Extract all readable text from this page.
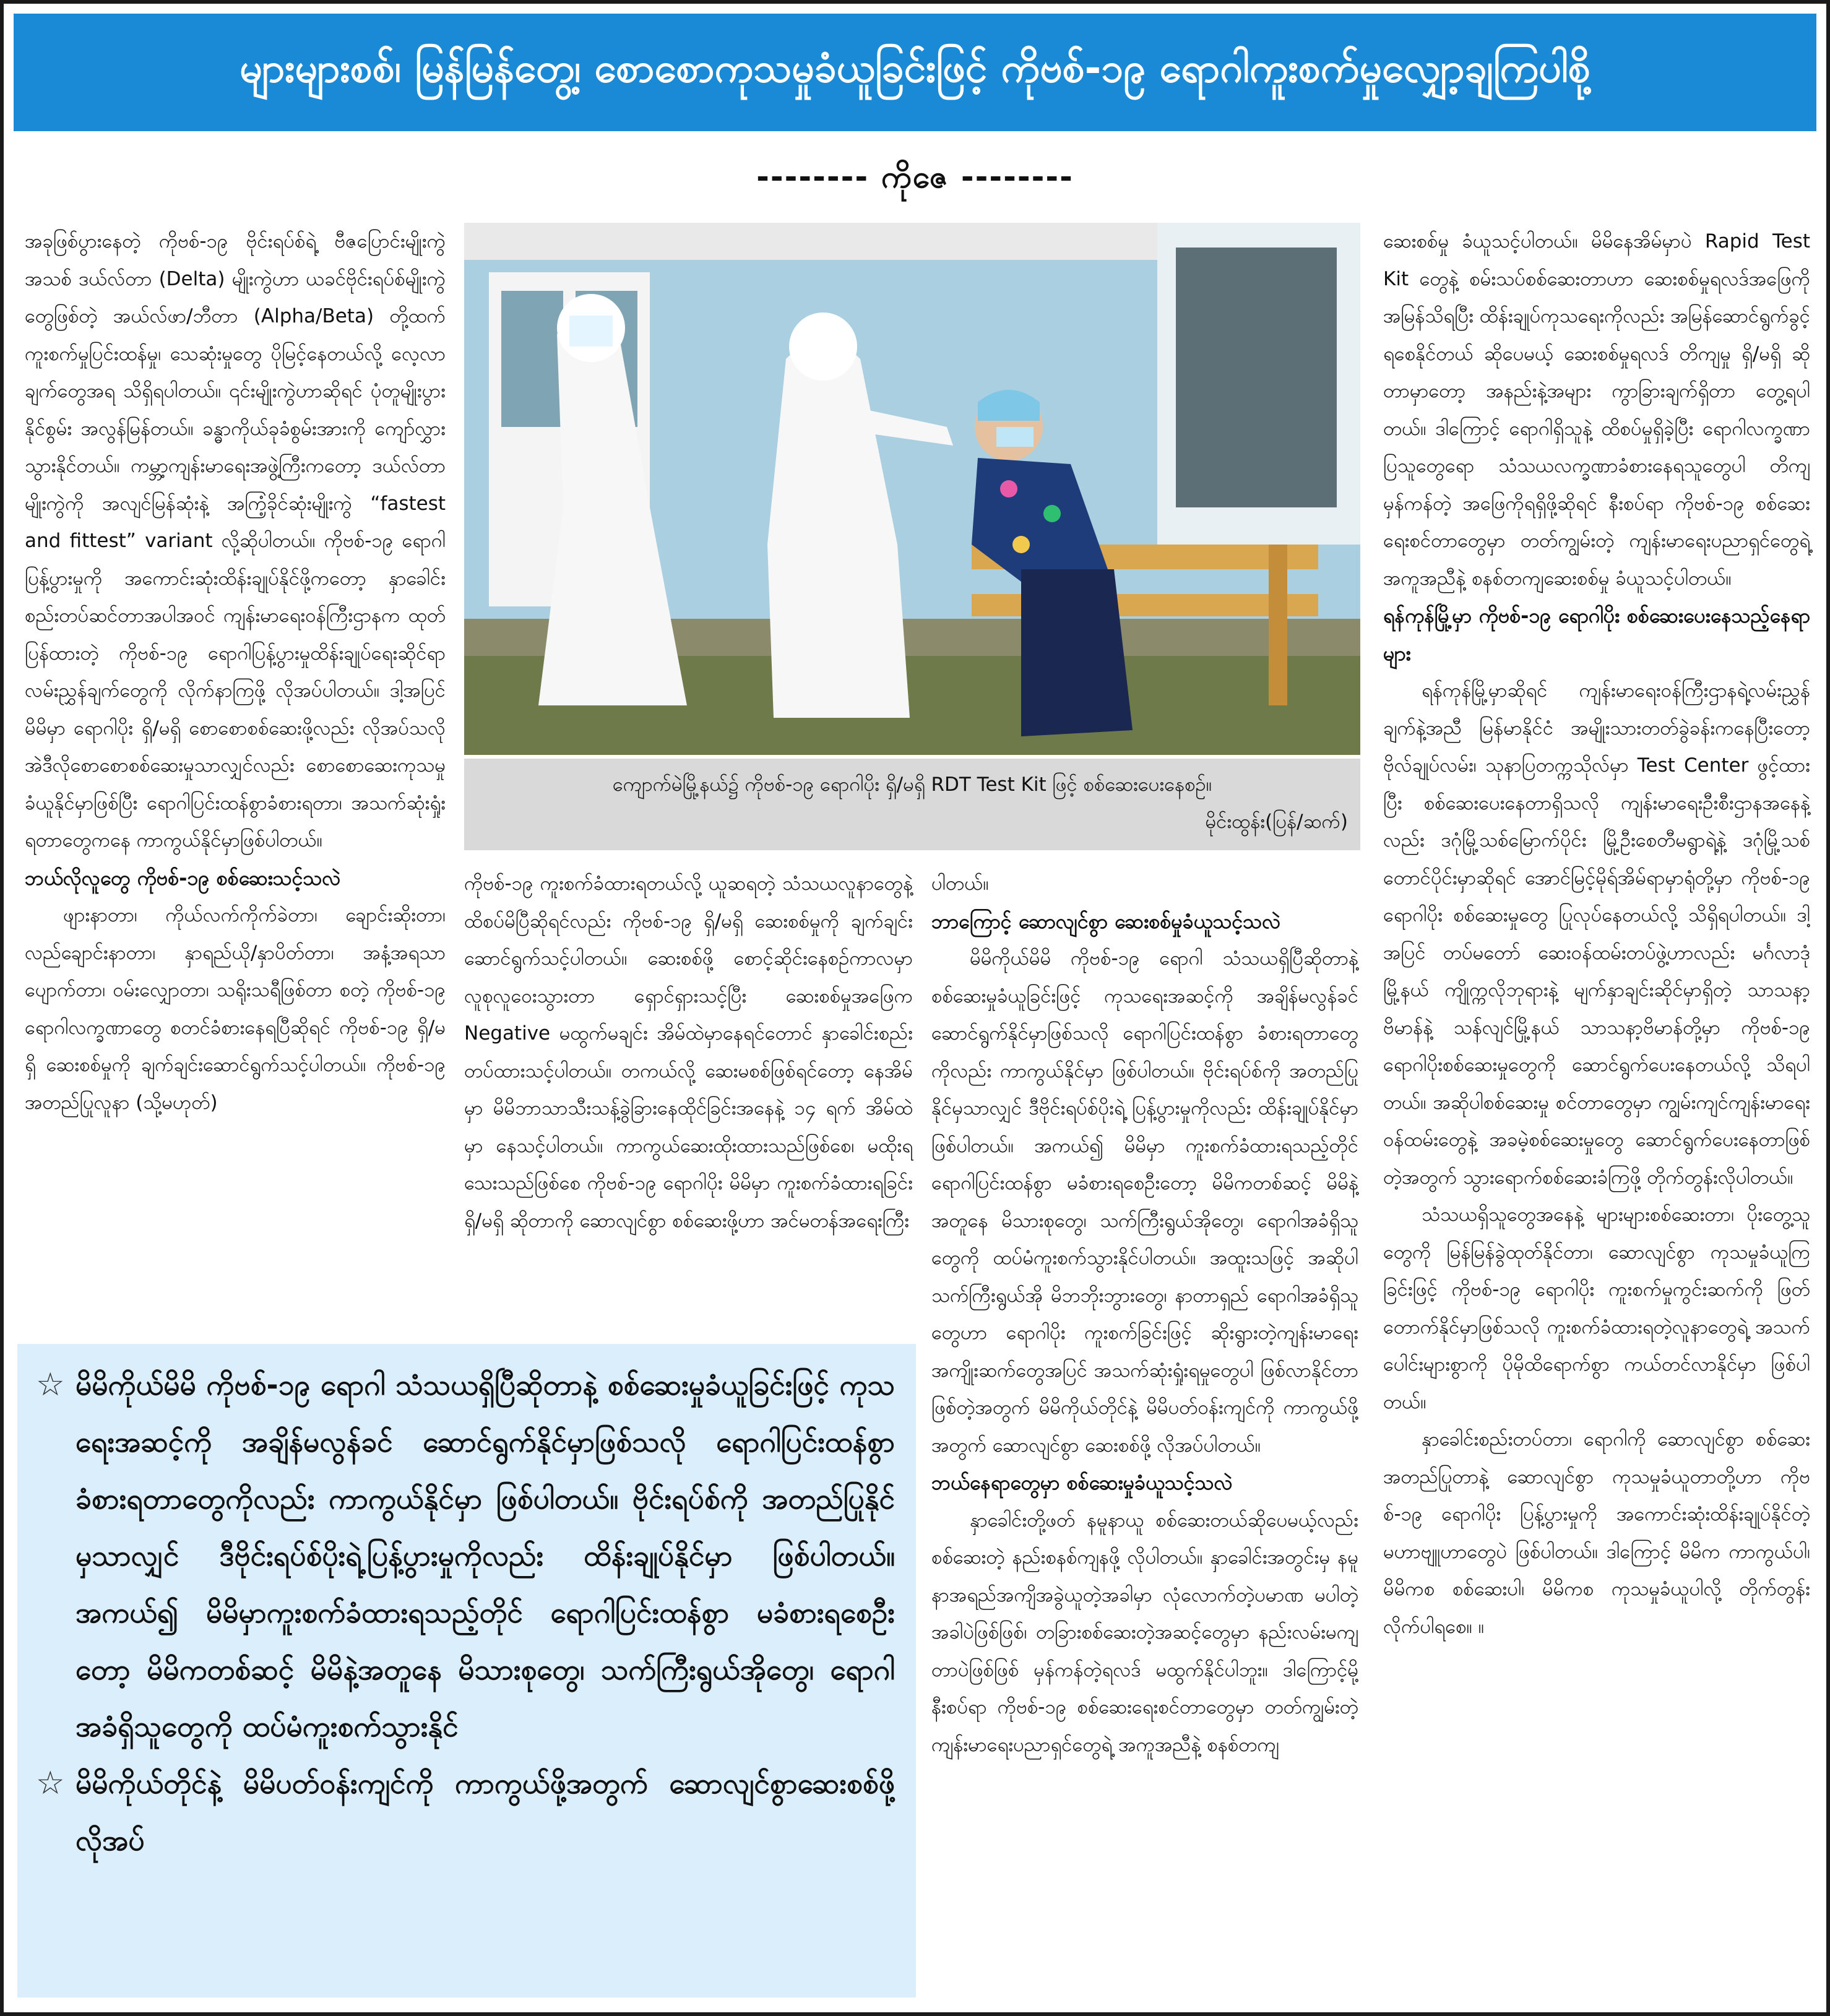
များများစစ်၊ မြန်မြန်တွေ့၊ စောစောကုသမှုခံယူခြင်းဖြင့် ကိုဗစ်-၁၉ ရောဂါကူးစက်မှုလျှော့ချကြပါစို့
-------- ကိုဇေ --------

အခုဖြစ်ပွားနေတဲ့ ကိုဗစ်-၁၉ ဗိုင်းရပ်စ်ရဲ့ ဗီဇပြောင်းမျိုးကွဲအသစ် ဒယ်လ်တာ (Delta) မျိုးကွဲဟာ ယခင်ဗိုင်းရပ်စ်မျိုးကွဲတွေဖြစ်တဲ့ အယ်လ်ဖာ/ဘီတာ (Alpha/Beta) တို့ထက် ကူးစက်မှုပြင်းထန်မှု၊ သေဆုံးမှုတွေ ပိုမြင့်နေတယ်လို့ လေ့လာချက်တွေအရ သိရှိရပါတယ်။ ၎င်းမျိုးကွဲဟာဆိုရင် ပုံတူမျိုးပွားနိုင်စွမ်း အလွန်မြန်တယ်။ ခန္ဓာကိုယ်ခုခံစွမ်းအားကို ကျော်လွှားသွားနိုင်တယ်။ ကမ္ဘာ့ကျန်းမာရေးအဖွဲ့ကြီးကတော့ ဒယ်လ်တာမျိုးကွဲကို အလျင်မြန်ဆုံးနဲ့ အကြံ့ခိုင်ဆုံးမျိုးကွဲ “fastest and fittest” variant လို့ဆိုပါတယ်။ ကိုဗစ်-၁၉ ရောဂါပြန့်ပွားမှုကို အကောင်းဆုံးထိန်းချုပ်နိုင်ဖို့ကတော့ နှာခေါင်းစည်းတပ်ဆင်တာအပါအဝင် ကျန်းမာရေးဝန်ကြီးဌာနက ထုတ်ပြန်ထားတဲ့ ကိုဗစ်-၁၉ ရောဂါပြန့်ပွားမှုထိန်းချုပ်ရေးဆိုင်ရာ လမ်းညွှန်ချက်တွေကို လိုက်နာကြဖို့ လိုအပ်ပါတယ်။ ဒါ့အပြင် မိမိမှာ ရောဂါပိုး ရှိ/မရှိ စောစောစစ်ဆေးဖို့လည်း လိုအပ်သလို အဲဒီလိုစောစောစစ်ဆေးမှုသာလျှင်လည်း စောစောဆေးကုသမှုခံယူနိုင်မှာဖြစ်ပြီး ရောဂါပြင်းထန်စွာခံစားရတာ၊ အသက်ဆုံးရှုံးရတာတွေကနေ ကာကွယ်နိုင်မှာဖြစ်ပါတယ်။

ဘယ်လိုလူတွေ ကိုဗစ်-၁၉ စစ်ဆေးသင့်သလဲ

ဖျားနာတာ၊ ကိုယ်လက်ကိုက်ခဲတာ၊ ချောင်းဆိုးတာ၊ လည်ချောင်းနာတာ၊ နှာရည်ယို/နှာပိတ်တာ၊ အနံ့အရသာပျောက်တာ၊ ဝမ်းလျှောတာ၊ သရိုးသရီဖြစ်တာ စတဲ့ ကိုဗစ်-၁၉ ရောဂါလက္ခဏာတွေ စတင်ခံစားနေရပြီဆိုရင် ကိုဗစ်-၁၉ ရှိ/မရှိ ဆေးစစ်မှုကို ချက်ချင်းဆောင်ရွက်သင့်ပါတယ်။ ကိုဗစ်-၁၉ အတည်ပြုလူနာ (သို့မဟုတ်)

ကျောက်မဲမြို့နယ်၌ ကိုဗစ်-၁၉ ရောဂါပိုး ရှိ/မရှိ RDT Test Kit ဖြင့် စစ်ဆေးပေးနေစဉ်။
မိုင်းထွန်း(ပြန်/ဆက်)

ကိုဗစ်-၁၉ ကူးစက်ခံထားရတယ်လို့ ယူဆရတဲ့ သံသယလူနာတွေနဲ့ ထိစပ်မိပြီဆိုရင်လည်း ကိုဗစ်-၁၉ ရှိ/မရှိ ဆေးစစ်မှုကို ချက်ချင်းဆောင်ရွက်သင့်ပါတယ်။ ဆေးစစ်ဖို့ စောင့်ဆိုင်းနေစဉ်ကာလမှာ လူစုလူဝေးသွားတာ ရှောင်ရှားသင့်ပြီး ဆေးစစ်မှုအဖြေက Negative မထွက်မချင်း အိမ်ထဲမှာနေရင်တောင် နှာခေါင်းစည်း တပ်ထားသင့်ပါတယ်။ တကယ်လို့ ဆေးမစစ်ဖြစ်ရင်တော့ နေအိမ်မှာ မိမိဘာသာသီးသန့်ခွဲခြားနေထိုင်ခြင်းအနေနဲ့ ၁၄ ရက် အိမ်ထဲမှာ နေသင့်ပါတယ်။ ကာကွယ်ဆေးထိုးထားသည်ဖြစ်စေ၊ မထိုးရသေးသည်ဖြစ်စေ ကိုဗစ်-၁၉ ရောဂါပိုး မိမိမှာ ကူးစက်ခံထားရခြင်း ရှိ/မရှိ ဆိုတာကို ဆောလျင်စွာ စစ်ဆေးဖို့ဟာ အင်မတန်အရေးကြီး

ပါတယ်။

ဘာကြောင့် ဆောလျင်စွာ ဆေးစစ်မှုခံယူသင့်သလဲ

မိမိကိုယ်မိမိ ကိုဗစ်-၁၉ ရောဂါ သံသယရှိပြီဆိုတာနဲ့ စစ်ဆေးမှုခံယူခြင်းဖြင့် ကုသရေးအဆင့်ကို အချိန်မလွန်ခင် ဆောင်ရွက်နိုင်မှာဖြစ်သလို ရောဂါပြင်းထန်စွာ ခံစားရတာတွေကိုလည်း ကာကွယ်နိုင်မှာ ဖြစ်ပါတယ်။ ဗိုင်းရပ်စ်ကို အတည်ပြုနိုင်မှသာလျှင် ဒီဗိုင်းရပ်စ်ပိုးရဲ့ ပြန့်ပွားမှုကိုလည်း ထိန်းချုပ်နိုင်မှာ ဖြစ်ပါတယ်။ အကယ်၍ မိမိမှာ ကူးစက်ခံထားရသည့်တိုင် ရောဂါပြင်းထန်စွာ မခံစားရစေဦးတော့ မိမိကတစ်ဆင့် မိမိနဲ့အတူနေ မိသားစုတွေ၊ သက်ကြီးရွယ်အိုတွေ၊ ရောဂါအခံရှိသူတွေကို ထပ်မံကူးစက်သွားနိုင်ပါတယ်။ အထူးသဖြင့် အဆိုပါ သက်ကြီးရွယ်အို မိဘဘိုးဘွားတွေ၊ နာတာရှည် ရောဂါအခံရှိသူတွေဟာ ရောဂါပိုး ကူးစက်ခြင်းဖြင့် ဆိုးရွားတဲ့ကျန်းမာရေးအကျိုးဆက်တွေအပြင် အသက်ဆုံးရှုံးရမှုတွေပါ ဖြစ်လာနိုင်တာဖြစ်တဲ့အတွက် မိမိကိုယ်တိုင်နဲ့ မိမိပတ်ဝန်းကျင်ကို ကာကွယ်ဖို့အတွက် ဆောလျင်စွာ ဆေးစစ်ဖို့ လိုအပ်ပါတယ်။

ဘယ်နေရာတွေမှာ စစ်ဆေးမှုခံယူသင့်သလဲ

နှာခေါင်းတို့ဖတ် နမူနာယူ စစ်ဆေးတယ်ဆိုပေမယ့်လည်း စစ်ဆေးတဲ့ နည်းစနစ်ကျနဖို့ လိုပါတယ်။ နှာခေါင်းအတွင်းမှ နမူနာအရည်အကျိအခွဲယူတဲ့အခါမှာ လုံလောက်တဲ့ပမာဏ မပါတဲ့အခါပဲဖြစ်ဖြစ်၊ တခြားစစ်ဆေးတဲ့အဆင့်တွေမှာ နည်းလမ်းမကျတာပဲဖြစ်ဖြစ် မှန်ကန်တဲ့ရလဒ် မထွက်နိုင်ပါဘူး။ ဒါကြောင့်မို့ နီးစပ်ရာ ကိုဗစ်-၁၉ စစ်ဆေးရေးစင်တာတွေမှာ တတ်ကျွမ်းတဲ့ ကျန်းမာရေးပညာရှင်တွေရဲ့ အကူအညီနဲ့ စနစ်တကျ

ဆေးစစ်မှု ခံယူသင့်ပါတယ်။ မိမိနေအိမ်မှာပဲ Rapid Test Kit တွေနဲ့ စမ်းသပ်စစ်ဆေးတာဟာ ဆေးစစ်မှုရလဒ်အဖြေကို အမြန်သိရပြီး ထိန်းချုပ်ကုသရေးကိုလည်း အမြန်ဆောင်ရွက်ခွင့်ရစေနိုင်တယ် ဆိုပေမယ့် ဆေးစစ်မှုရလဒ် တိကျမှု ရှိ/မရှိ ဆိုတာမှာတော့ အနည်းနဲ့အများ ကွာခြားချက်ရှိတာ တွေ့ရပါတယ်။ ဒါကြောင့် ရောဂါရှိသူနဲ့ ထိစပ်မှုရှိခဲ့ပြီး ရောဂါလက္ခဏာပြသူတွေရော သံသယလက္ခဏာခံစားနေရသူတွေပါ တိကျမှန်ကန်တဲ့ အဖြေကိုရရှိဖို့ဆိုရင် နီးစပ်ရာ ကိုဗစ်-၁၉ စစ်ဆေးရေးစင်တာတွေမှာ တတ်ကျွမ်းတဲ့ ကျန်းမာရေးပညာရှင်တွေရဲ့ အကူအညီနဲ့ စနစ်တကျဆေးစစ်မှု ခံယူသင့်ပါတယ်။

ရန်ကုန်မြို့မှာ ကိုဗစ်-၁၉ ရောဂါပိုး စစ်ဆေးပေးနေသည့်နေရာများ

ရန်ကုန်မြို့မှာဆိုရင် ကျန်းမာရေးဝန်ကြီးဌာနရဲ့လမ်းညွှန်ချက်နဲ့အညီ မြန်မာနိုင်ငံ အမျိုးသားတတ်ခွဲခန်းကနေပြီးတော့ ဗိုလ်ချုပ်လမ်း၊ သုနာပြတက္ကသိုလ်မှာ Test Center ဖွင့်ထားပြီး စစ်ဆေးပေးနေတာရှိသလို ကျန်းမာရေးဦးစီးဌာနအနေနဲ့လည်း ဒဂုံမြို့သစ်မြောက်ပိုင်း မြို့ဦးစေတီမရွာရဲ့နဲ့ ဒဂုံမြို့သစ်တောင်ပိုင်းမှာဆိုရင် အောင်မြင့်မိုရ်အိမ်ရာမှာရုံတို့မှာ ကိုဗစ်-၁၉ ရောဂါပိုး စစ်ဆေးမှုတွေ ပြုလုပ်နေတယ်လို့ သိရှိရပါတယ်။ ဒါ့အပြင် တပ်မတော် ဆေးဝန်ထမ်းတပ်ဖွဲ့ဟာလည်း မင်္ဂလာဒုံမြို့နယ် ကျိုက္ကလိုဘုရားနဲ့ မျက်နှာချင်းဆိုင်မှာရှိတဲ့ သာသနာ့ဗိမာန်နဲ့ သန်လျင်မြို့နယ် သာသနာ့ဗိမာန်တို့မှာ ကိုဗစ်-၁၉ ရောဂါပိုးစစ်ဆေးမှုတွေကို ဆောင်ရွက်ပေးနေတယ်လို့ သိရပါတယ်။ အဆိုပါစစ်ဆေးမှု စင်တာတွေမှာ ကျွမ်းကျင်ကျန်းမာရေးဝန်ထမ်းတွေနဲ့ အခမဲ့စစ်ဆေးမှုတွေ ဆောင်ရွက်ပေးနေတာဖြစ်တဲ့အတွက် သွားရောက်စစ်ဆေးခံကြဖို့ တိုက်တွန်းလိုပါတယ်။

သံသယရှိသူတွေအနေနဲ့ များများစစ်ဆေးတာ၊ ပိုးတွေ့သူတွေကို မြန်မြန်ခွဲထုတ်နိုင်တာ၊ ဆောလျင်စွာ ကုသမှုခံယူကြခြင်းဖြင့် ကိုဗစ်-၁၉ ရောဂါပိုး ကူးစက်မှုကွင်းဆက်ကို ဖြတ်တောက်နိုင်မှာဖြစ်သလို ကူးစက်ခံထားရတဲ့လူနာတွေရဲ့ အသက်ပေါင်းများစွာကို ပိုမိုထိရောက်စွာ ကယ်တင်လာနိုင်မှာ ဖြစ်ပါတယ်။

နှာခေါင်းစည်းတပ်တာ၊ ရောဂါကို ဆောလျင်စွာ စစ်ဆေးအတည်ပြုတာနဲ့ ဆောလျင်စွာ ကုသမှုခံယူတာတို့ဟာ ကိုဗစ်-၁၉ ရောဂါပိုး ပြန့်ပွားမှုကို အကောင်းဆုံးထိန်းချုပ်နိုင်တဲ့ မဟာဗျူဟာတွေပဲ ဖြစ်ပါတယ်။ ဒါကြောင့် မိမိက ကာကွယ်ပါ၊ မိမိကစ စစ်ဆေးပါ၊ မိမိကစ ကုသမှုခံယူပါလို့ တိုက်တွန်းလိုက်ပါရစေ။ ။

☆ မိမိကိုယ်မိမိ ကိုဗစ်-၁၉ ရောဂါ သံသယရှိပြီဆိုတာနဲ့ စစ်ဆေးမှုခံယူခြင်းဖြင့် ကုသရေးအဆင့်ကို အချိန်မလွန်ခင် ဆောင်ရွက်နိုင်မှာဖြစ်သလို ရောဂါပြင်းထန်စွာ ခံစားရတာတွေကိုလည်း ကာကွယ်နိုင်မှာ ဖြစ်ပါတယ်။ ဗိုင်းရပ်စ်ကို အတည်ပြုနိုင်မှသာလျှင် ဒီဗိုင်းရပ်စ်ပိုးရဲ့ပြန့်ပွားမှုကိုလည်း ထိန်းချုပ်နိုင်မှာ ဖြစ်ပါတယ်။ အကယ်၍ မိမိမှာကူးစက်ခံထားရသည့်တိုင် ရောဂါပြင်းထန်စွာ မခံစားရစေဦးတော့ မိမိကတစ်ဆင့် မိမိနဲ့အတူနေ မိသားစုတွေ၊ သက်ကြီးရွယ်အိုတွေ၊ ရောဂါအခံရှိသူတွေကို ထပ်မံကူးစက်သွားနိုင်
☆ မိမိကိုယ်တိုင်နဲ့ မိမိပတ်ဝန်းကျင်ကို ကာကွယ်ဖို့အတွက် ဆောလျင်စွာဆေးစစ်ဖို့ လိုအပ်
